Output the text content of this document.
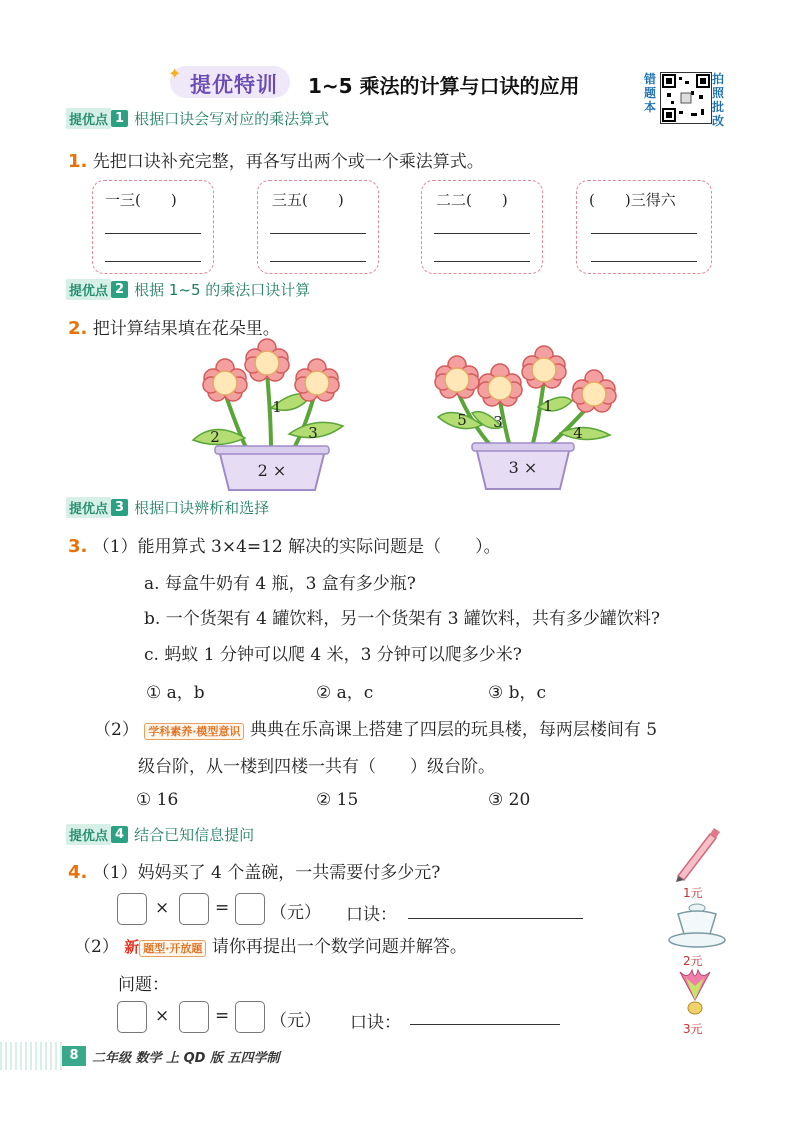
✦ 提优特训 1~5 乘法的计算与口诀的应用	错题本
拍照批改
提优点 1 根据口诀会写对应的乘法算式
1. 先把口诀补充完整，再各写出两个或一个乘法算式。
一三(　　)	三五(　　)	二二(　　)	(　　)三得六
提优点 2 根据 1~5 的乘法口诀计算
2. 把计算结果填在花朵里。
2 ×
2
1
3
3 ×
5 3
1
4
提优点 3 根据口诀辨析和选择
3. （1）能用算式 3×4=12 解决的实际问题是（　　）。
a. 每盒牛奶有 4 瓶，3 盒有多少瓶?
b. 一个货架有 4 罐饮料，另一个货架有 3 罐饮料，共有多少罐饮料?
c. 蚂蚁 1 分钟可以爬 4 米，3 分钟可以爬多少米?
① a，b	② a，c	③ b，c
（2） 学科素养·模型意识 典典在乐高课上搭建了四层的玩具楼，每两层楼间有 5
级台阶，从一楼到四楼一共有（　　）级台阶。
① 16	② 15	③ 20
提优点 4 结合已知信息提问
4. （1）妈妈买了 4 个盖碗，一共需要付多少元?
×	= （元） 口诀：
（2） 新 题型·开放题 请你再提出一个数学问题并解答。
问题：
×	= （元） 口诀：
1元
2元
3元
8	二年级 数学 上 QD 版 五四学制
